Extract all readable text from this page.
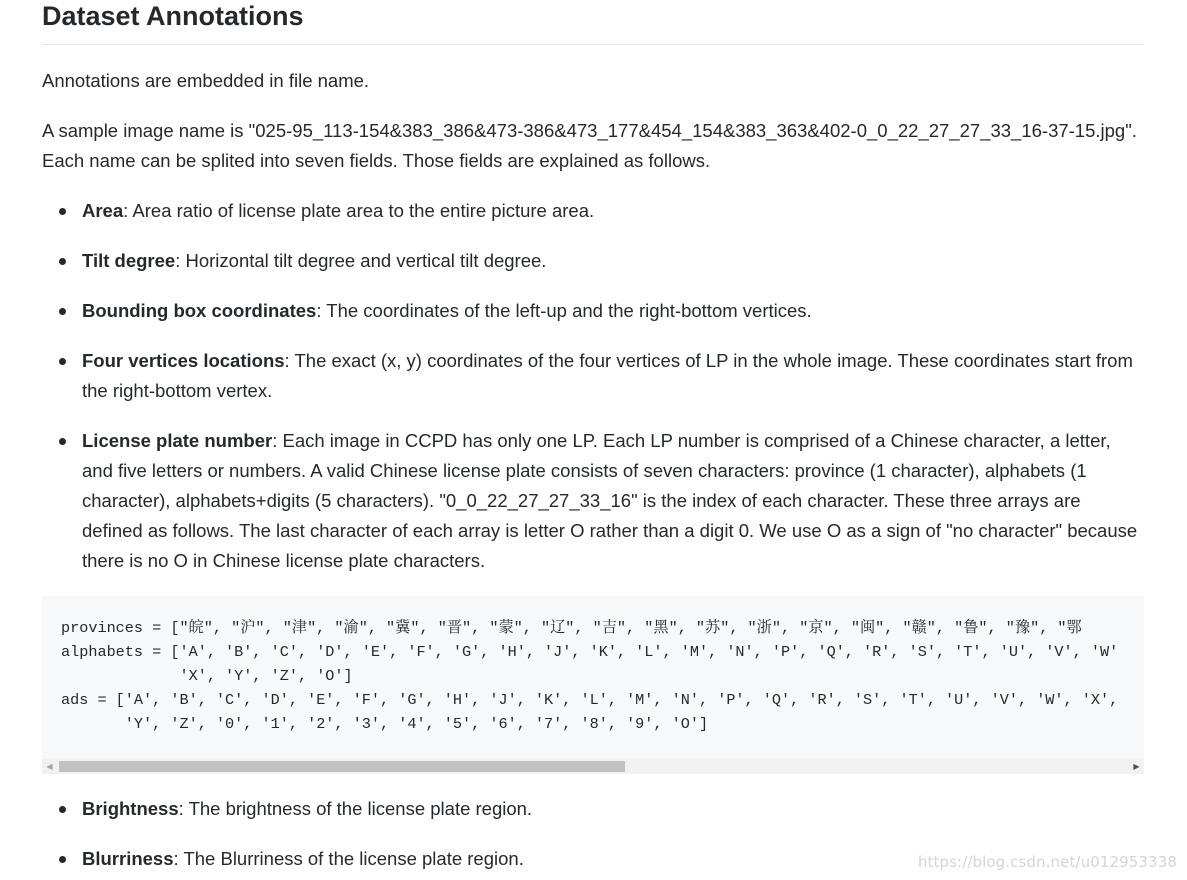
Dataset Annotations

Annotations are embedded in file name.

A sample image name is "025-95_113-154&383_386&473-386&473_177&454_154&383_363&402-0_0_22_27_27_33_16-37-15.jpg". Each name can be splited into seven fields. Those fields are explained as follows.

Area: Area ratio of license plate area to the entire picture area.
Tilt degree: Horizontal tilt degree and vertical tilt degree.
Bounding box coordinates: The coordinates of the left-up and the right-bottom vertices.
Four vertices locations: The exact (x, y) coordinates of the four vertices of LP in the whole image. These coordinates start from the right-bottom vertex.
License plate number: Each image in CCPD has only one LP. Each LP number is comprised of a Chinese character, a letter, and five letters or numbers. A valid Chinese license plate consists of seven characters: province (1 character), alphabets (1 character), alphabets+digits (5 characters). "0_0_22_27_27_33_16" is the index of each character. These three arrays are defined as follows. The last character of each array is letter O rather than a digit 0. We use O as a sign of "no character" because there is no O in Chinese license plate characters.
provinces = ["皖", "沪", "津", "渝", "冀", "晋", "蒙", "辽", "吉", "黑", "苏", "浙", "京", "闽", "赣", "鲁", "豫", "鄂
alphabets = ['A', 'B', 'C', 'D', 'E', 'F', 'G', 'H', 'J', 'K', 'L', 'M', 'N', 'P', 'Q', 'R', 'S', 'T', 'U', 'V', 'W'
'X', 'Y', 'Z', 'O']
ads = ['A', 'B', 'C', 'D', 'E', 'F', 'G', 'H', 'J', 'K', 'L', 'M', 'N', 'P', 'Q', 'R', 'S', 'T', 'U', 'V', 'W', 'X',
'Y', 'Z', '0', '1', '2', '3', '4', '5', '6', '7', '8', '9', 'O']
◀	▶
Brightness: The brightness of the license plate region.
Blurriness: The Blurriness of the license plate region.	https://blog.csdn.net/u012953338
